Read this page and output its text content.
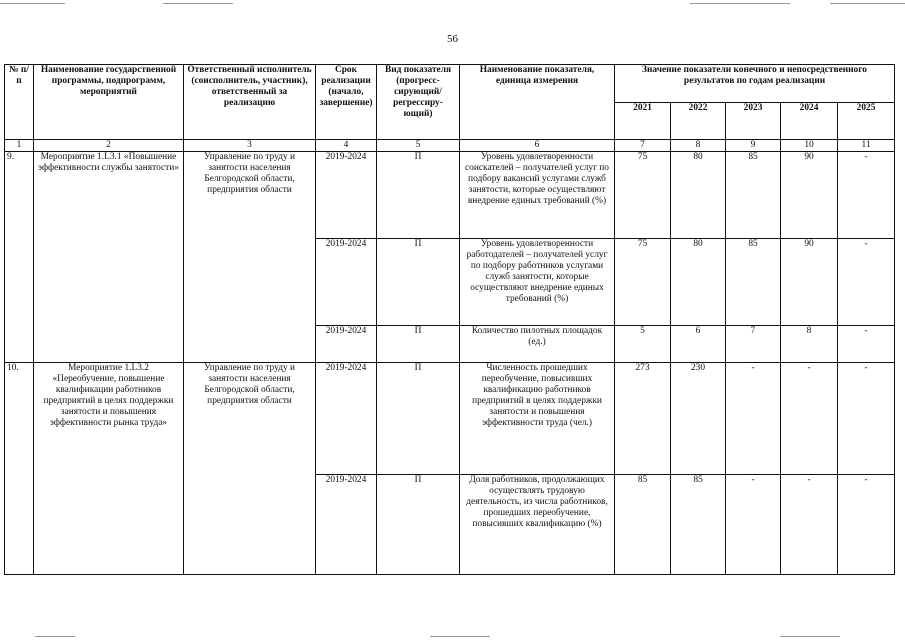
56
№ п/п	Наименование государственной программы, подпрограмм, мероприятий	Ответственный исполнитель (соисполнитель, участник), ответственный за реализацию	Срок реализации (начало, завершение)	Вид показателя (прогресс-сирующий/ регрессиру-ющий)	Наименование показателя, единица измерения	Значение показатели конечного и непосредственного результатов по годам реализации				
						2021	2022	2023	2024	2025
1	2	3	4	5	6	7	8	9	10	11
9.	Мероприятие 1.L3.1 «Повышение эффективности службы занятости»	Управление по труду и занятости населения Белгородской области, предприятия области	2019-2024	П	Уровень удовлетворенности соискателей – получателей услуг по подбору вакансий услугами служб занятости, которые осуществляют внедрение единых требований (%)	75	80	85	90	-
			2019-2024	П	Уровень удовлетворенности работодателей – получателей услуг по подбору работников услугами служб занятости, которые осуществляют внедрение единых требований (%)	75	80	85	90	-
			2019-2024	П	Количество пилотных площадок (ед.)	5	6	7	8	-
10.	Мероприятие 1.L3.2 «Переобучение, повышение квалификации работников предприятий в целях поддержки занятости и повышения эффективности рынка труда»	Управление по труду и занятости населения Белгородской области, предприятия области	2019-2024	П	Численность прошедших переобучение, повысивших квалификацию работников предприятий в целях поддержки занятости и повышения эффективности труда (чел.)	273	230	-	-	-
			2019-2024	П	Доля работников, продолжающих осуществлять трудовую деятельность, из числа работников, прошедших переобучение, повысивших квалификацию (%)	85	85	-	-	-
